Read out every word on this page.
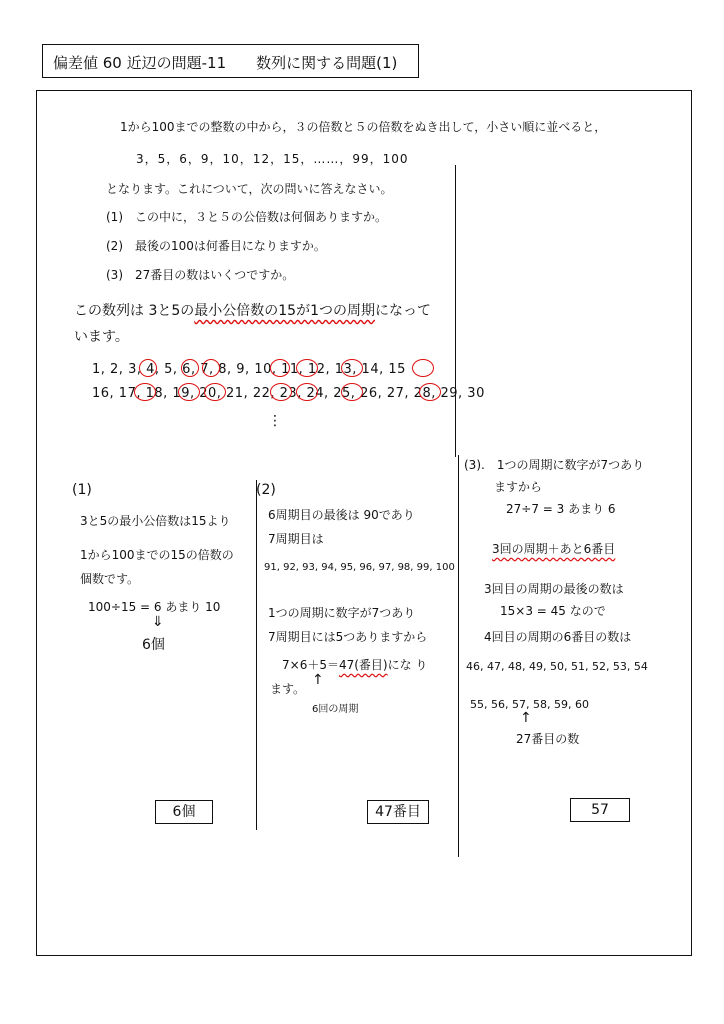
偏差値 60 近辺の問題-11　　数列に関する問題(1)
1から100までの整数の中から，３の倍数と５の倍数をぬき出して，小さい順に並べると，
3，5，6，9，10，12，15，……，99，100
となります。これについて，次の問いに答えなさい。
(1)　この中に，３と５の公倍数は何個ありますか。
(2)　最後の100は何番目になりますか。
(3)　27番目の数はいくつですか。
この数列は 3と5の最小公倍数の15が1つの周期になって
います。
1, 2, 3, 4, 5, 6, 7, 8, 9, 10, 11, 12, 13, 14, 15
16, 17, 18, 19, 20, 21, 22, 23, 24, 25, 26, 27, 28, 29, 30
⋮
(1)
3と5の最小公倍数は15より
1から100までの15の倍数の
個数です。
100÷15 = 6 あまり 10
⇓
6個
6個
(2)
6周期目の最後は 90であり
7周期目は
91, 92, 93, 94, 95, 96, 97, 98, 99, 100
1つの周期に数字が7つあり
7周期目には5つありますから
7×6＋5＝47(番目)にな り
ます。
↑
6回の周期
47番目
(3).　1つの周期に数字が7つあり
ますから
27÷7 = 3 あまり 6
3回の周期＋あと6番目
3回目の周期の最後の数は
15×3 = 45 なので
4回目の周期の6番目の数は
46, 47, 48, 49, 50, 51, 52, 53, 54
55, 56, 57, 58, 59, 60
↑
27番目の数
57
